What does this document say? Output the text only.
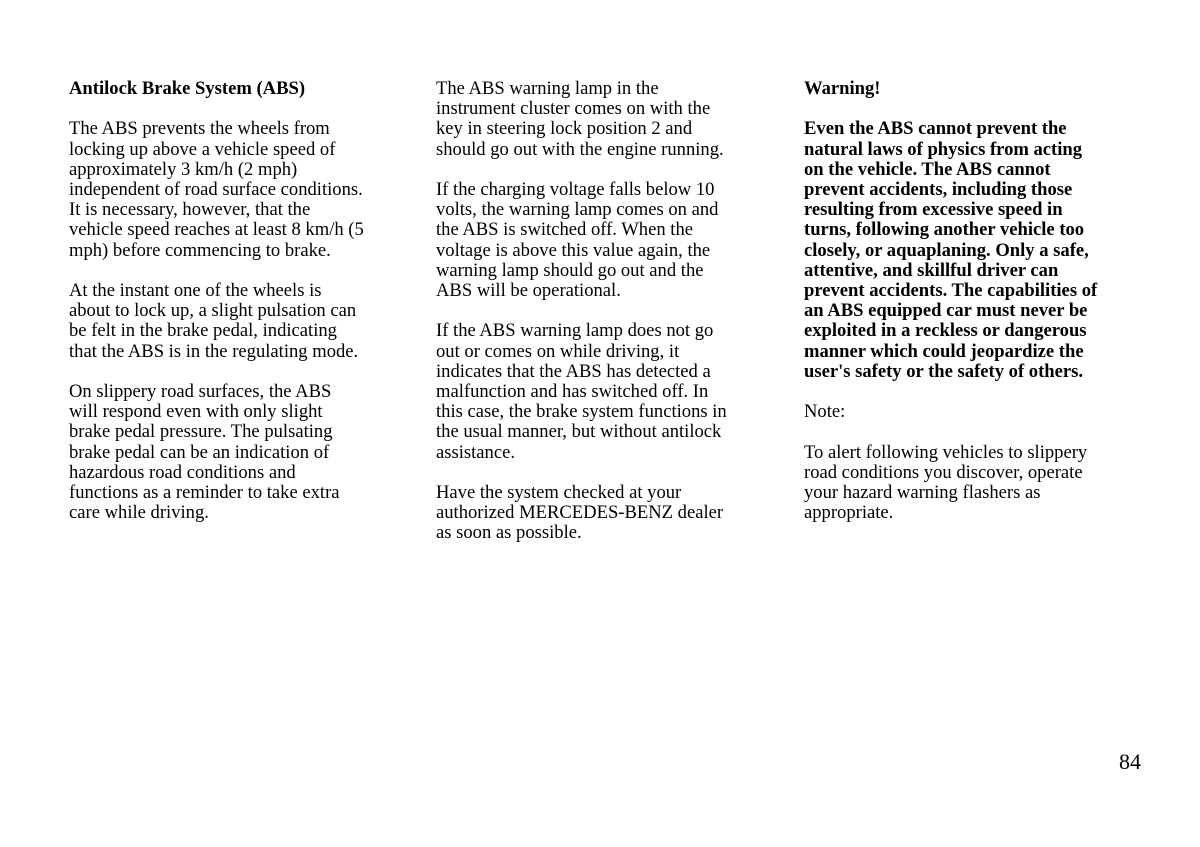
Antilock Brake System (ABS)

The ABS prevents the wheels from
locking up above a vehicle speed of
approximately 3 km/h (2 mph)
independent of road surface conditions.
It is necessary, however, that the
vehicle speed reaches at least 8 km/h (5
mph) before commencing to brake.

At the instant one of the wheels is
about to lock up, a slight pulsation can
be felt in the brake pedal, indicating
that the ABS is in the regulating mode.

On slippery road surfaces, the ABS
will respond even with only slight
brake pedal pressure. The pulsating
brake pedal can be an indication of
hazardous road conditions and
functions as a reminder to take extra
care while driving.

The ABS warning lamp in the
instrument cluster comes on with the
key in steering lock position 2 and
should go out with the engine running.

If the charging voltage falls below 10
volts, the warning lamp comes on and
the ABS is switched off. When the
voltage is above this value again, the
warning lamp should go out and the
ABS will be operational.

If the ABS warning lamp does not go
out or comes on while driving, it
indicates that the ABS has detected a
malfunction and has switched off. In
this case, the brake system functions in
the usual manner, but without antilock
assistance.

Have the system checked at your
authorized MERCEDES-BENZ dealer
as soon as possible.

Warning!

Even the ABS cannot prevent the
natural laws of physics from acting
on the vehicle. The ABS cannot
prevent accidents, including those
resulting from excessive speed in
turns, following another vehicle too
closely, or aquaplaning. Only a safe,
attentive, and skillful driver can
prevent accidents. The capabilities of
an ABS equipped car must never be
exploited in a reckless or dangerous
manner which could jeopardize the
user's safety or the safety of others.

Note:

To alert following vehicles to slippery
road conditions you discover, operate
your hazard warning flashers as
appropriate.

84
